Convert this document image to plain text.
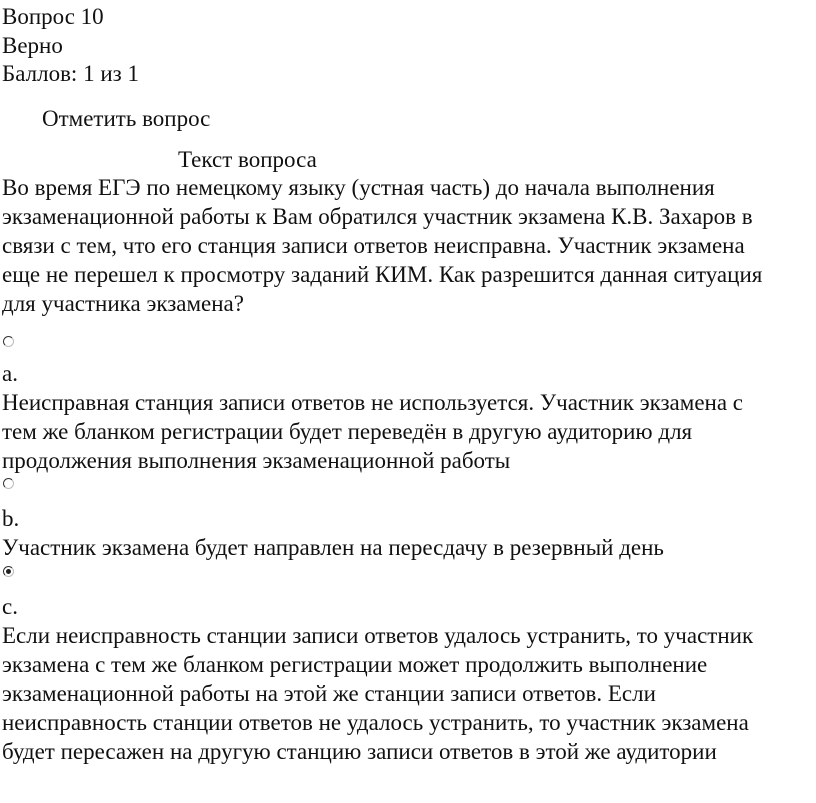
Вопрос 10
Верно
Баллов: 1 из 1
Отметить вопрос
Текст вопроса
Во время ЕГЭ по немецкому языку (устная часть) до начала выполнения
экзаменационной работы к Вам обратился участник экзамена К.В. Захаров в
связи с тем, что его станция записи ответов неисправна. Участник экзамена
еще не перешел к просмотру заданий КИМ. Как разрешится данная ситуация
для участника экзамена?
a.
Неисправная станция записи ответов не используется. Участник экзамена с
тем же бланком регистрации будет переведён в другую аудиторию для
продолжения выполнения экзаменационной работы
b.
Участник экзамена будет направлен на пересдачу в резервный день
c.
Если неисправность станции записи ответов удалось устранить, то участник
экзамена с тем же бланком регистрации может продолжить выполнение
экзаменационной работы на этой же станции записи ответов. Если
неисправность станции ответов не удалось устранить, то участник экзамена
будет пересажен на другую станцию записи ответов в этой же аудитории
